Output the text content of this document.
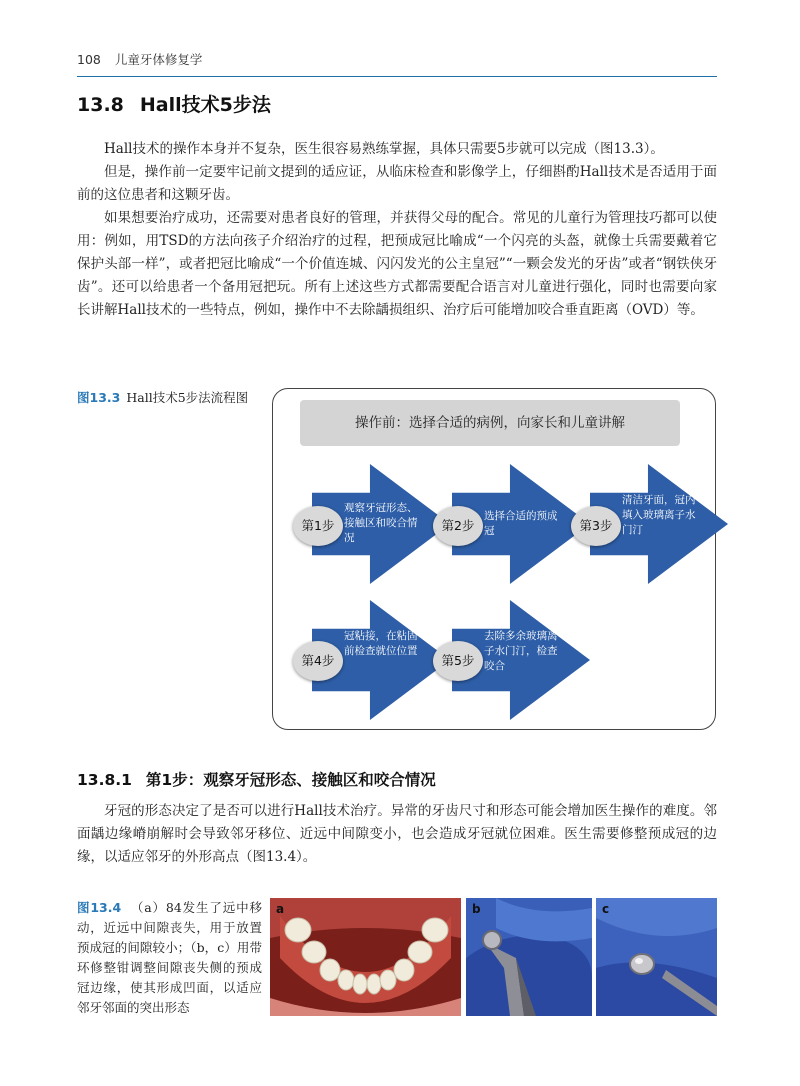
108 儿童牙体修复学
13.8 Hall技术5步法

Hall技术的操作本身并不复杂，医生很容易熟练掌握，具体只需要5步就可以完成（图13.3）。

但是，操作前一定要牢记前文提到的适应证，从临床检查和影像学上，仔细斟酌Hall技术是否适用于面前的这位患者和这颗牙齿。

如果想要治疗成功，还需要对患者良好的管理，并获得父母的配合。常见的儿童行为管理技巧都可以使用：例如，用TSD的方法向孩子介绍治疗的过程，把预成冠比喻成“一个闪亮的头盔，就像士兵需要戴着它保护头部一样”，或者把冠比喻成“一个价值连城、闪闪发光的公主皇冠”“一颗会发光的牙齿”或者“钢铁侠牙齿”。还可以给患者一个备用冠把玩。所有上述这些方式都需要配合语言对儿童进行强化，同时也需要向家长讲解Hall技术的一些特点，例如，操作中不去除龋损组织、治疗后可能增加咬合垂直距离（OVD）等。

图13.3 Hall技术5步法流程图
操作前：选择合适的病例，向家长和儿童讲解
观察牙冠形态、接触区和咬合情况
第1步
选择合适的预成冠
第2步
清洁牙面，冠内填入玻璃离子水门汀
第3步
冠粘接，在粘固前检查就位位置
第4步
去除多余玻璃离子水门汀，检查咬合
第5步
13.8.1 第1步：观察牙冠形态、接触区和咬合情况

牙冠的形态决定了是否可以进行Hall技术治疗。异常的牙齿尺寸和形态可能会增加医生操作的难度。邻面龋边缘嵴崩解时会导致邻牙移位、近远中间隙变小，也会造成牙冠就位困难。医生需要修整预成冠的边缘，以适应邻牙的外形高点（图13.4）。

图13.4 （a）84发生了远中移动，近远中间隙丧失，用于放置预成冠的间隙较小；（b，c）用带环修整钳调整间隙丧失侧的预成冠边缘，使其形成凹面，以适应邻牙邻面的突出形态
a	b	c
